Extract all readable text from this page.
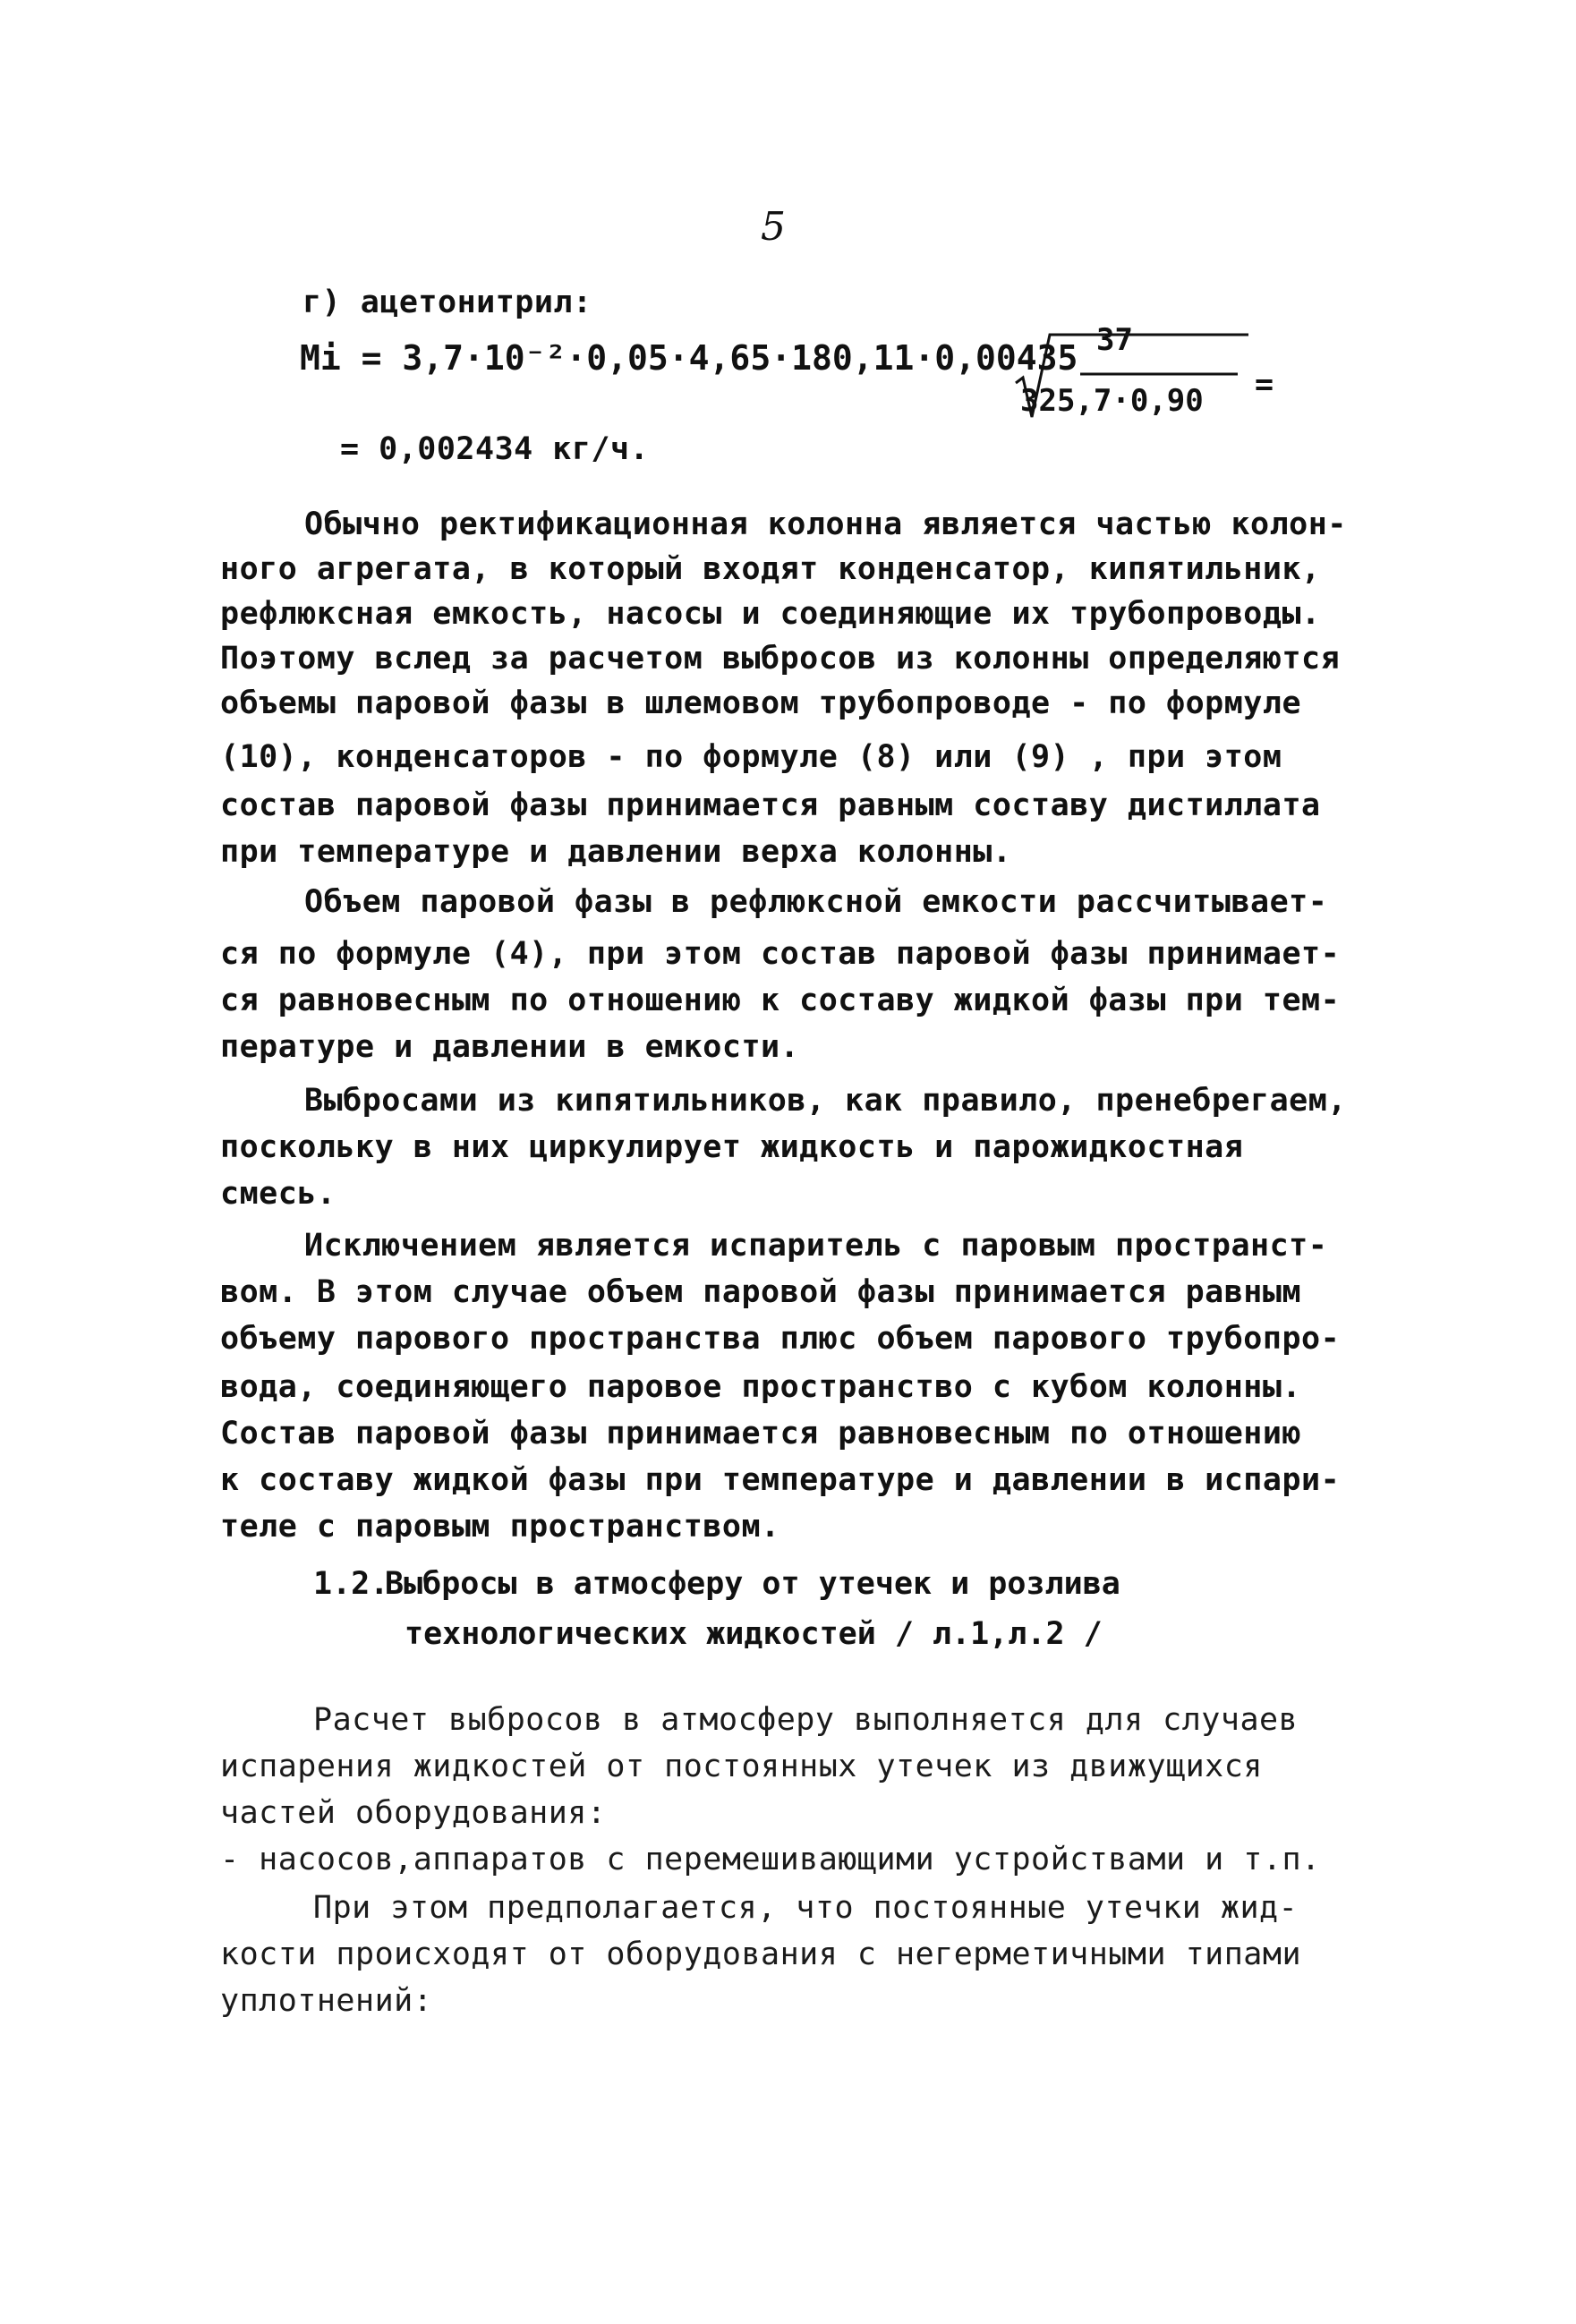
5
г) ацетонитрил:
Mi = 3,7·10⁻²·0,05·4,65·180,11·0,00435 37
325,7·0,90 =
= 0,002434 кг/ч.
Обычно ректификационная колонна является частью колон-
ного агрегата, в который входят конденсатор, кипятильник,
рефлюксная емкость, насосы и соединяющие их трубопроводы.
Поэтому вслед за расчетом выбросов из колонны определяются
объемы паровой фазы в шлемовом трубопроводе - по формуле
(10), конденсаторов - по формуле (8) или (9) , при этом
состав паровой фазы принимается равным составу дистиллата
при температуре и давлении верха колонны.
Объем паровой фазы в рефлюксной емкости рассчитывает-
ся по формуле (4), при этом состав паровой фазы принимает-
ся равновесным по отношению к составу жидкой фазы при тем-
пературе и давлении в емкости.
Выбросами из кипятильников, как правило, пренебрегаем,
поскольку в них циркулирует жидкость и парожидкостная
смесь.
Исключением является испаритель с паровым пространст-
вом. В этом случае объем паровой фазы принимается равным
объему парового пространства плюс объем парового трубопро-
вода, соединяющего паровое пространство с кубом колонны.
Состав паровой фазы принимается равновесным по отношению
к составу жидкой фазы при температуре и давлении в испари-
теле с паровым пространством.
1.2.
Выбросы в атмосферу от утечек и розлива
технологических жидкостей / л.1,л.2 /
Расчет выбросов в атмосферу выполняется для случаев
испарения жидкостей от постоянных утечек из движущихся
частей оборудования:
- насосов,аппаратов с перемешивающими устройствами и т.п.
При этом предполагается, что постоянные утечки жид-
кости происходят от оборудования с негерметичными типами
уплотнений:
